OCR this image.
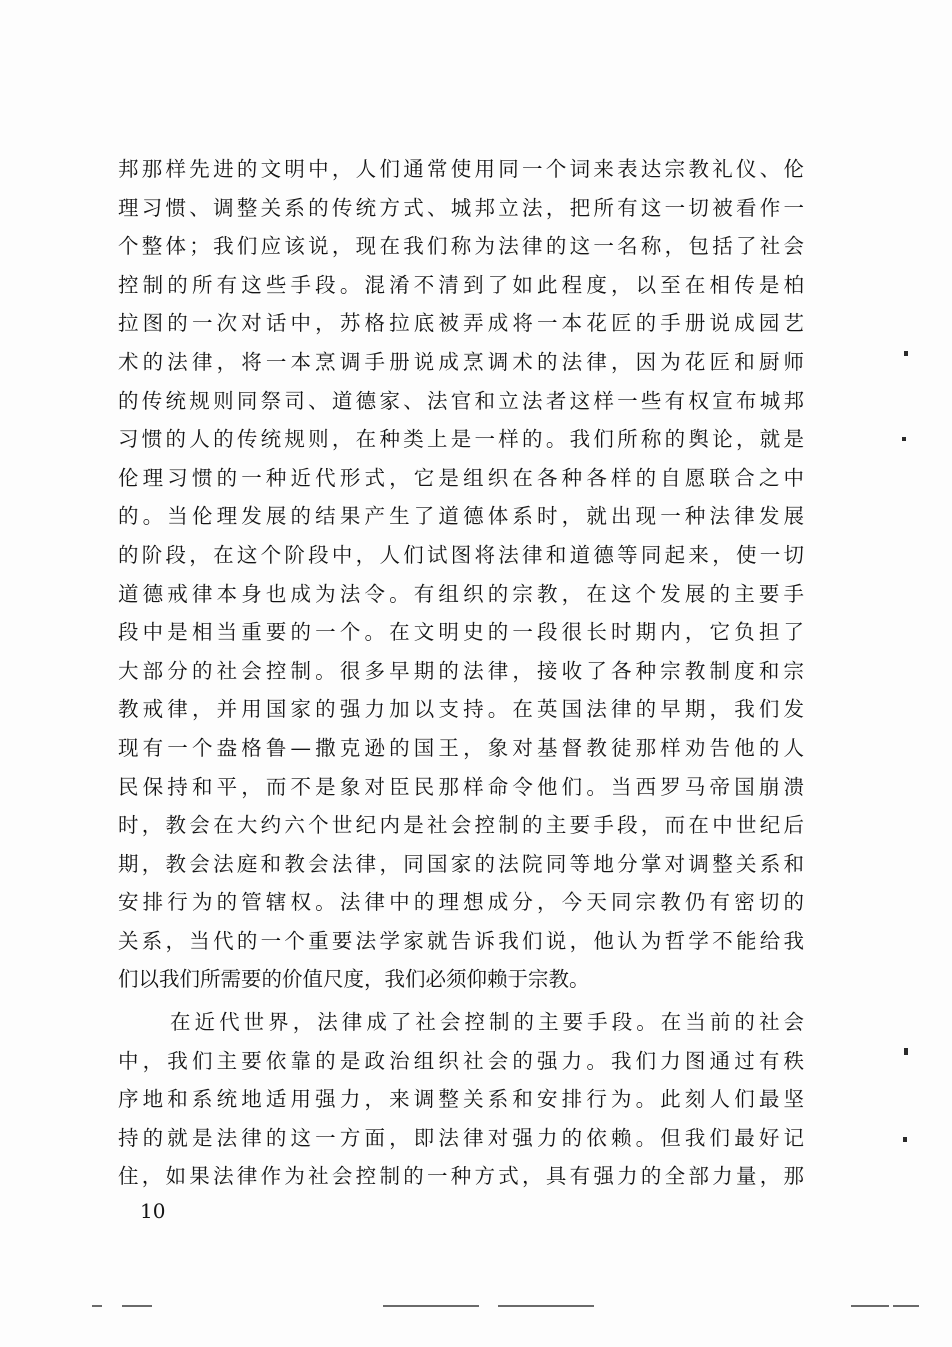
邦那样先进的文明中，人们通常使用同一个词来表达宗教礼仪、伦
理习惯、调整关系的传统方式、城邦立法，把所有这一切被看作一
个整体；我们应该说，现在我们称为法律的这一名称，包括了社会
控制的所有这些手段。混淆不清到了如此程度，以至在相传是柏
拉图的一次对话中，苏格拉底被弄成将一本花匠的手册说成园艺
术的法律，将一本烹调手册说成烹调术的法律，因为花匠和厨师
的传统规则同祭司、道德家、法官和立法者这样一些有权宣布城邦
习惯的人的传统规则，在种类上是一样的。我们所称的舆论，就是
伦理习惯的一种近代形式，它是组织在各种各样的自愿联合之中
的。当伦理发展的结果产生了道德体系时，就出现一种法律发展
的阶段，在这个阶段中，人们试图将法律和道德等同起来，使一切
道德戒律本身也成为法令。有组织的宗教，在这个发展的主要手
段中是相当重要的一个。在文明史的一段很长时期内，它负担了
大部分的社会控制。很多早期的法律，接收了各种宗教制度和宗
教戒律，并用国家的强力加以支持。在英国法律的早期，我们发
现有一个盎格鲁—撒克逊的国王，象对基督教徒那样劝告他的人
民保持和平，而不是象对臣民那样命令他们。当西罗马帝国崩溃
时，教会在大约六个世纪内是社会控制的主要手段，而在中世纪后
期，教会法庭和教会法律，同国家的法院同等地分掌对调整关系和
安排行为的管辖权。法律中的理想成分，今天同宗教仍有密切的
关系，当代的一个重要法学家就告诉我们说，他认为哲学不能给我
们以我们所需要的价值尺度，我们必须仰赖于宗教。
在近代世界，法律成了社会控制的主要手段。在当前的社会
中，我们主要依靠的是政治组织社会的强力。我们力图通过有秩
序地和系统地适用强力，来调整关系和安排行为。此刻人们最坚
持的就是法律的这一方面，即法律对强力的依赖。但我们最好记
住，如果法律作为社会控制的一种方式，具有强力的全部力量，那
10
